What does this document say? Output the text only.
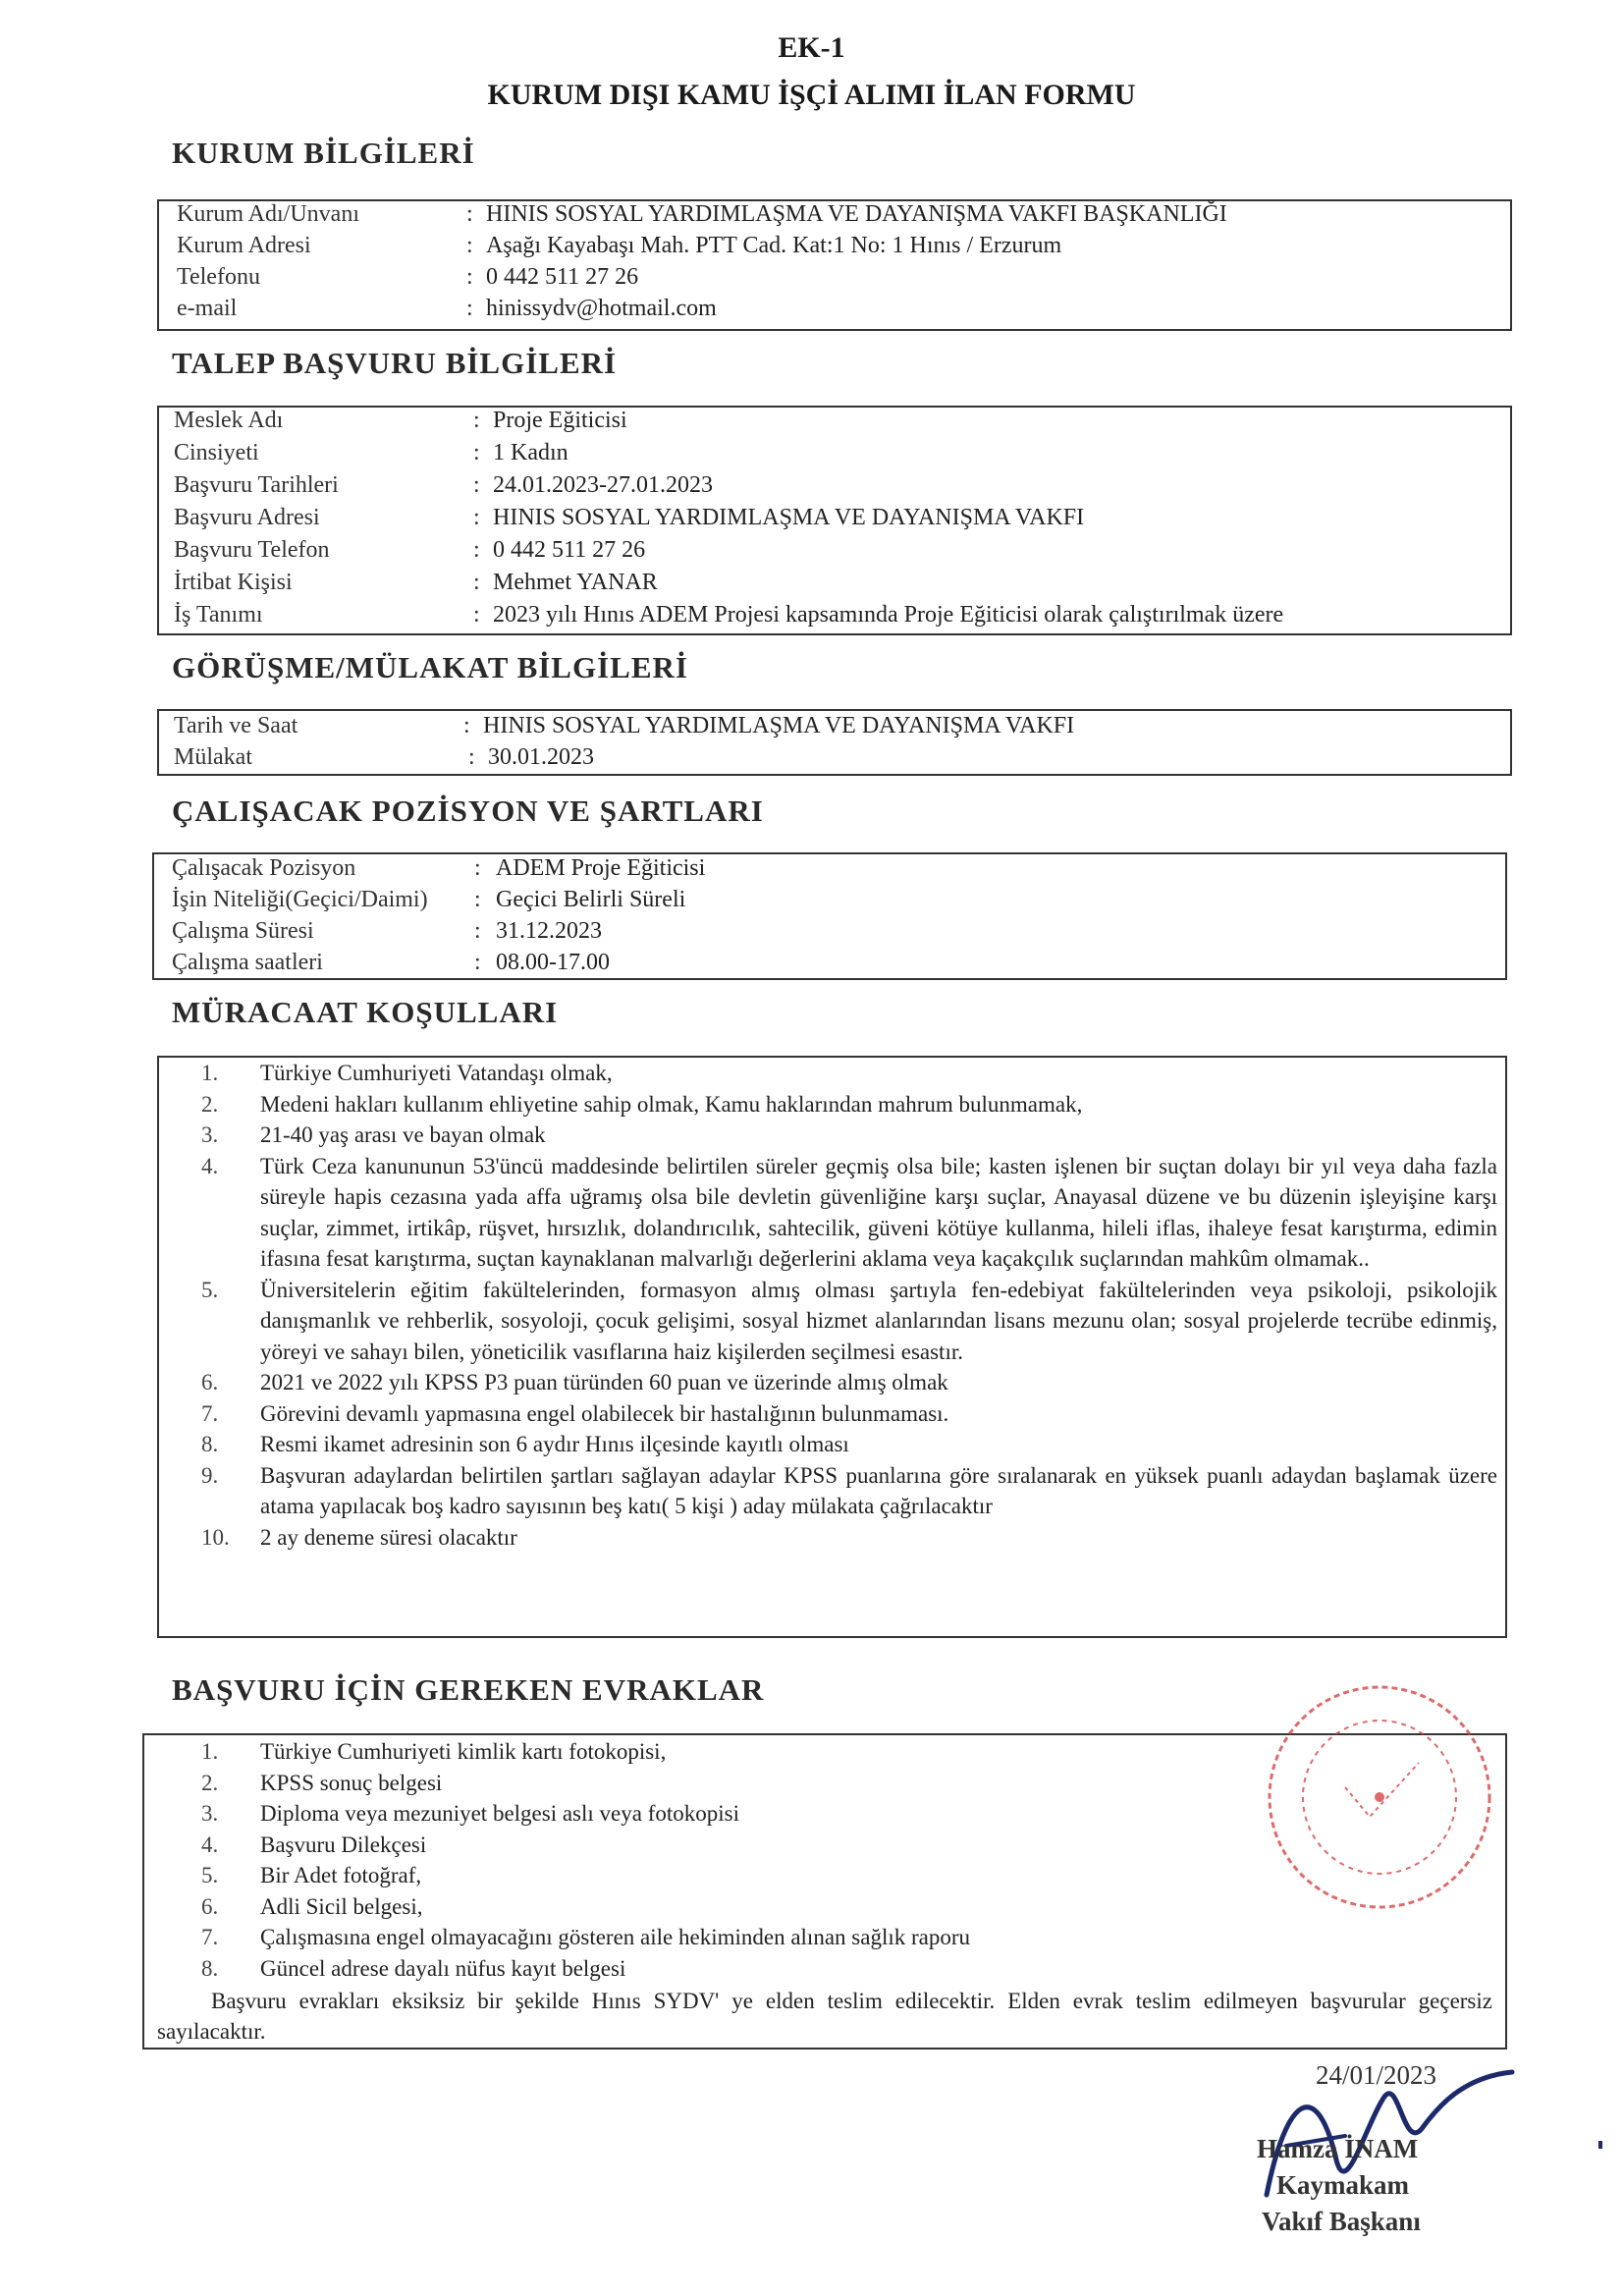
EK-1
KURUM DIŞI KAMU İŞÇİ ALIMI İLAN FORMU
KURUM BİLGİLERİ
Kurum Adı/Unvanı	: HINIS SOSYAL YARDIMLAŞMA VE DAYANIŞMA VAKFI BAŞKANLIĞI
Kurum Adresi	: Aşağı Kayabaşı Mah. PTT Cad. Kat:1 No: 1 Hınıs / Erzurum
Telefonu	: 0 442 511 27 26
e-mail	: hinissydv@hotmail.com
TALEP BAŞVURU BİLGİLERİ
Meslek Adı	: Proje Eğiticisi
Cinsiyeti	: 1 Kadın
Başvuru Tarihleri	: 24.01.2023-27.01.2023
Başvuru Adresi	: HINIS SOSYAL YARDIMLAŞMA VE DAYANIŞMA VAKFI
Başvuru Telefon	: 0 442 511 27 26
İrtibat Kişisi	: Mehmet YANAR
İş Tanımı	: 2023 yılı Hınıs ADEM Projesi kapsamında Proje Eğiticisi olarak çalıştırılmak üzere
GÖRÜŞME/MÜLAKAT BİLGİLERİ
Tarih ve Saat	: HINIS SOSYAL YARDIMLAŞMA VE DAYANIŞMA VAKFI
Mülakat	: 30.01.2023
ÇALIŞACAK POZİSYON VE ŞARTLARI
Çalışacak Pozisyon	: ADEM Proje Eğiticisi
İşin Niteliği(Geçici/Daimi) : Geçici Belirli Süreli
Çalışma Süresi	: 31.12.2023
Çalışma saatleri	: 08.00-17.00
MÜRACAAT KOŞULLARI
1.	Türkiye Cumhuriyeti Vatandaşı olmak,
2.	Medeni hakları kullanım ehliyetine sahip olmak, Kamu haklarından mahrum bulunmamak,
3.	21-40 yaş arası ve bayan olmak
4.	Türk Ceza kanununun 53'üncü maddesinde belirtilen süreler geçmiş olsa bile; kasten işlenen bir suçtan dolayı bir yıl veya daha fazla süreyle hapis cezasına yada affa uğramış olsa bile devletin güvenliğine karşı suçlar, Anayasal düzene ve bu düzenin işleyişine karşı suçlar, zimmet, irtikâp, rüşvet, hırsızlık, dolandırıcılık, sahtecilik, güveni kötüye kullanma, hileli iflas, ihaleye fesat karıştırma, edimin ifasına fesat karıştırma, suçtan kaynaklanan malvarlığı değerlerini aklama veya kaçakçılık suçlarından mahkûm olmamak..
5.	Üniversitelerin eğitim fakültelerinden, formasyon almış olması şartıyla fen-edebiyat fakültelerinden veya psikoloji, psikolojik danışmanlık ve rehberlik, sosyoloji, çocuk gelişimi, sosyal hizmet alanlarından lisans mezunu olan; sosyal projelerde tecrübe edinmiş, yöreyi ve sahayı bilen, yöneticilik vasıflarına haiz kişilerden seçilmesi esastır.
6.	2021 ve 2022 yılı KPSS P3 puan türünden 60 puan ve üzerinde almış olmak
7.	Görevini devamlı yapmasına engel olabilecek bir hastalığının bulunmaması.
8.	Resmi ikamet adresinin son 6 aydır Hınıs ilçesinde kayıtlı olması
9.	Başvuran adaylardan belirtilen şartları sağlayan adaylar KPSS puanlarına göre sıralanarak en yüksek puanlı adaydan başlamak üzere atama yapılacak boş kadro sayısının beş katı( 5 kişi ) aday mülakata çağrılacaktır
10.	2 ay deneme süresi olacaktır
BAŞVURU İÇİN GEREKEN EVRAKLAR
1.	Türkiye Cumhuriyeti kimlik kartı fotokopisi,
2.	KPSS sonuç belgesi
3.	Diploma veya mezuniyet belgesi aslı veya fotokopisi
4.	Başvuru Dilekçesi
5.	Bir Adet fotoğraf,
6.	Adli Sicil belgesi,
7.	Çalışmasına engel olmayacağını gösteren aile hekiminden alınan sağlık raporu
8.	Güncel adrese dayalı nüfus kayıt belgesi
Başvuru evrakları eksiksiz bir şekilde Hınıs SYDV' ye elden teslim edilecektir. Elden evrak teslim edilmeyen başvurular geçersiz sayılacaktır.
24/01/2023
Hamza İNAM
Kaymakam
Vakıf Başkanı
